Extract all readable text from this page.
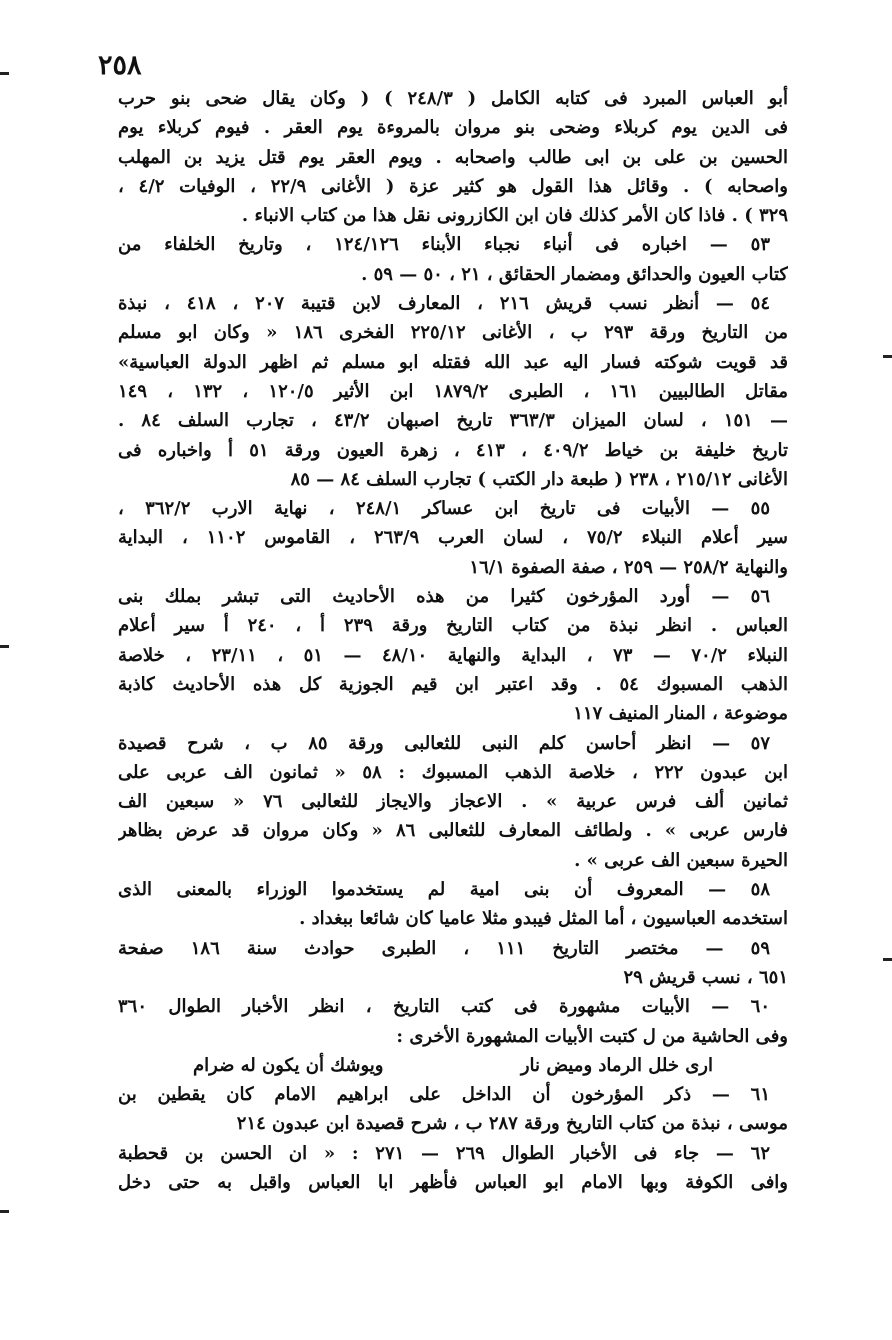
٢٥٨
أبو العباس المبرد فى كتابه الكامل ( ٢٤٨/٣ ) ( وكان يقال ضحى بنو حرب
فى الدين يوم كربلاء وضحى بنو مروان بالمروءة يوم العقر . فيوم كربلاء يوم
الحسين بن على بن ابى طالب واصحابه . ويوم العقر يوم قتل يزيد بن المهلب
واصحابه ) . وقائل هذا القول هو كثير عزة ( الأغانى ٢٢/٩ ، الوفيات ٤/٢ ،
٣٢٩ ) . فاذا كان الأمر كذلك فان ابن الكازرونى نقل هذا من كتاب الانباء .
٥٣ — اخباره فى أنباء نجباء الأبناء ١٢٤/١٢٦ ، وتاريخ الخلفاء من
كتاب العيون والحدائق ومضمار الحقائق ، ٢١ ، ٥٠ — ٥٩ .
٥٤ — أنظر نسب قريش ٢١٦ ، المعارف لابن قتيبة ٢٠٧ ، ٤١٨ ، نبذة
من التاريخ ورقة ٢٩٣ ب ، الأغانى ٢٢٥/١٢ الفخرى ١٨٦ « وكان ابو مسلم
قد قويت شوكته فسار اليه عبد الله فقتله ابو مسلم ثم اظهر الدولة العباسية»
مقاتل الطالبيين ١٦١ ، الطبرى ١٨٧٩/٢ ابن الأثير ١٢٠/٥ ، ١٣٢ ، ١٤٩
— ١٥١ ، لسان الميزان ٣٦٣/٣ تاريخ اصبهان ٤٣/٢ ، تجارب السلف ٨٤ .
تاريخ خليفة بن خياط ٤٠٩/٢ ، ٤١٣ ، زهرة العيون ورقة ٥١ أ واخباره فى
الأغانى ٢١٥/١٢ ، ٢٣٨ ( طبعة دار الكتب ) تجارب السلف ٨٤ — ٨٥
٥٥ — الأبيات فى تاريخ ابن عساكر ٢٤٨/١ ، نهاية الارب ٣٦٢/٢ ،
سير أعلام النبلاء ٧٥/٢ ، لسان العرب ٢٦٣/٩ ، القاموس ١١٠٢ ، البداية
والنهاية ٢٥٨/٢ — ٢٥٩ ، صفة الصفوة ١٦/١
٥٦ — أورد المؤرخون كثيرا من هذه الأحاديث التى تبشر بملك بنى
العباس . انظر نبذة من كتاب التاريخ ورقة ٢٣٩ أ ، ٢٤٠ أ سير أعلام
النبلاء ٧٠/٢ — ٧٣ ، البداية والنهاية ٤٨/١٠ — ٥١ ، ٢٣/١١ ، خلاصة
الذهب المسبوك ٥٤ . وقد اعتبر ابن قيم الجوزية كل هذه الأحاديث كاذبة
موضوعة ، المنار المنيف ١١٧
٥٧ — انظر أحاسن كلم النبى للثعالبى ورقة ٨٥ ب ، شرح قصيدة
ابن عبدون ٢٢٢ ، خلاصة الذهب المسبوك : ٥٨ « ثمانون الف عربى على
ثمانين ألف فرس عربية » . الاعجاز والايجاز للثعالبى ٧٦ « سبعين الف
فارس عربى » . ولطائف المعارف للثعالبى ٨٦ « وكان مروان قد عرض بظاهر
الحيرة سبعين الف عربى » .
٥٨ — المعروف أن بنى امية لم يستخدموا الوزراء بالمعنى الذى
استخدمه العباسيون ، أما المثل فيبدو مثلا عاميا كان شائعا ببغداد .
٥٩ — مختصر التاريخ ١١١ ، الطبرى حوادث سنة ١٨٦ صفحة
٦٥١ ، نسب قريش ٢٩
٦٠ — الأبيات مشهورة فى كتب التاريخ ، انظر الأخبار الطوال ٣٦٠
وفى الحاشية من ل كتبت الأبيات المشهورة الأخرى :
ارى خلل الرماد وميض نار
ويوشك أن يكون له ضرام
٦١ — ذكر المؤرخون أن الداخل على ابراهيم الامام كان يقطين بن
موسى ، نبذة من كتاب التاريخ ورقة ٢٨٧ ب ، شرح قصيدة ابن عبدون ٢١٤
٦٢ — جاء فى الأخبار الطوال ٢٦٩ — ٢٧١ : « ان الحسن بن قحطبة
وافى الكوفة وبها الامام ابو العباس فأظهر ابا العباس واقبل به حتى دخل
